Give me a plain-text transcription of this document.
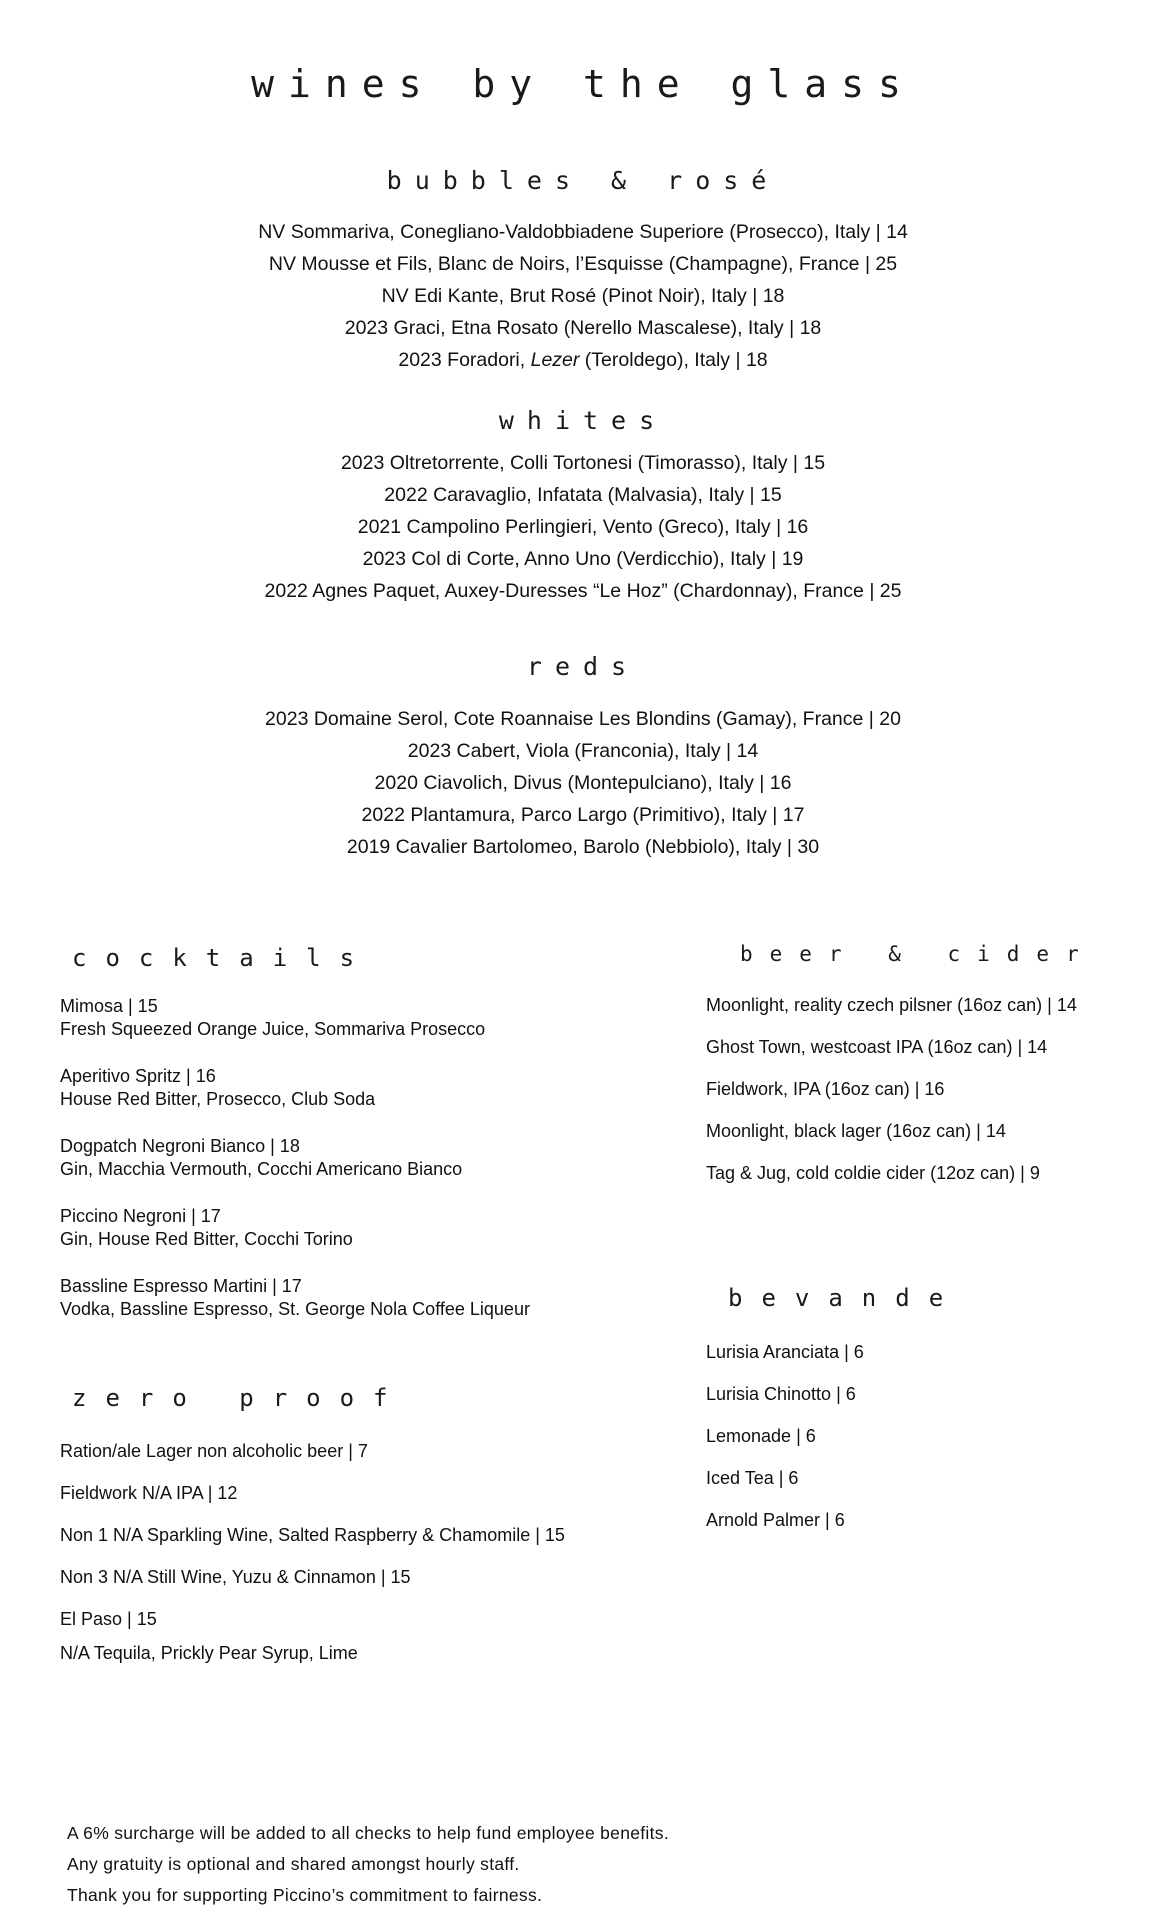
wines by the glass
bubbles & rosé
NV Sommariva, Conegliano-Valdobbiadene Superiore (Prosecco), Italy | 14
NV Mousse et Fils, Blanc de Noirs, l’Esquisse (Champagne), France | 25
NV Edi Kante, Brut Rosé (Pinot Noir), Italy | 18
2023 Graci, Etna Rosato (Nerello Mascalese), Italy | 18
2023 Foradori, Lezer (Teroldego), Italy | 18
whites
2023 Oltretorrente, Colli Tortonesi (Timorasso), Italy | 15
2022 Caravaglio, Infatata (Malvasia), Italy | 15
2021 Campolino Perlingieri, Vento (Greco), Italy | 16
2023 Col di Corte, Anno Uno (Verdicchio), Italy | 19
2022 Agnes Paquet, Auxey-Duresses “Le Hoz” (Chardonnay), France | 25
reds
2023 Domaine Serol, Cote Roannaise Les Blondins (Gamay), France | 20
2023 Cabert, Viola (Franconia), Italy | 14
2020 Ciavolich, Divus (Montepulciano), Italy | 16
2022 Plantamura, Parco Largo (Primitivo), Italy | 17
2019 Cavalier Bartolomeo, Barolo (Nebbiolo), Italy | 30
cocktails
Mimosa | 15
Fresh Squeezed Orange Juice, Sommariva Prosecco
Aperitivo Spritz | 16
House Red Bitter, Prosecco, Club Soda
Dogpatch Negroni Bianco | 18
Gin, Macchia Vermouth, Cocchi Americano Bianco
Piccino Negroni | 17
Gin, House Red Bitter, Cocchi Torino
Bassline Espresso Martini | 17
Vodka, Bassline Espresso, St. George Nola Coffee Liqueur
zero proof
Ration/ale Lager non alcoholic beer | 7
Fieldwork N/A IPA | 12
Non 1 N/A Sparkling Wine, Salted Raspberry & Chamomile | 15
Non 3 N/A Still Wine, Yuzu & Cinnamon | 15
El Paso | 15
N/A Tequila, Prickly Pear Syrup, Lime
beer & cider
Moonlight, reality czech pilsner (16oz can) | 14
Ghost Town, westcoast IPA (16oz can) | 14
Fieldwork, IPA (16oz can) | 16
Moonlight, black lager (16oz can) | 14
Tag & Jug, cold coldie cider (12oz can) | 9
bevande
Lurisia Aranciata | 6
Lurisia Chinotto | 6
Lemonade | 6
Iced Tea | 6
Arnold Palmer | 6
A 6% surcharge will be added to all checks to help fund employee benefits.
Any gratuity is optional and shared amongst hourly staff.
Thank you for supporting Piccino’s commitment to fairness.
